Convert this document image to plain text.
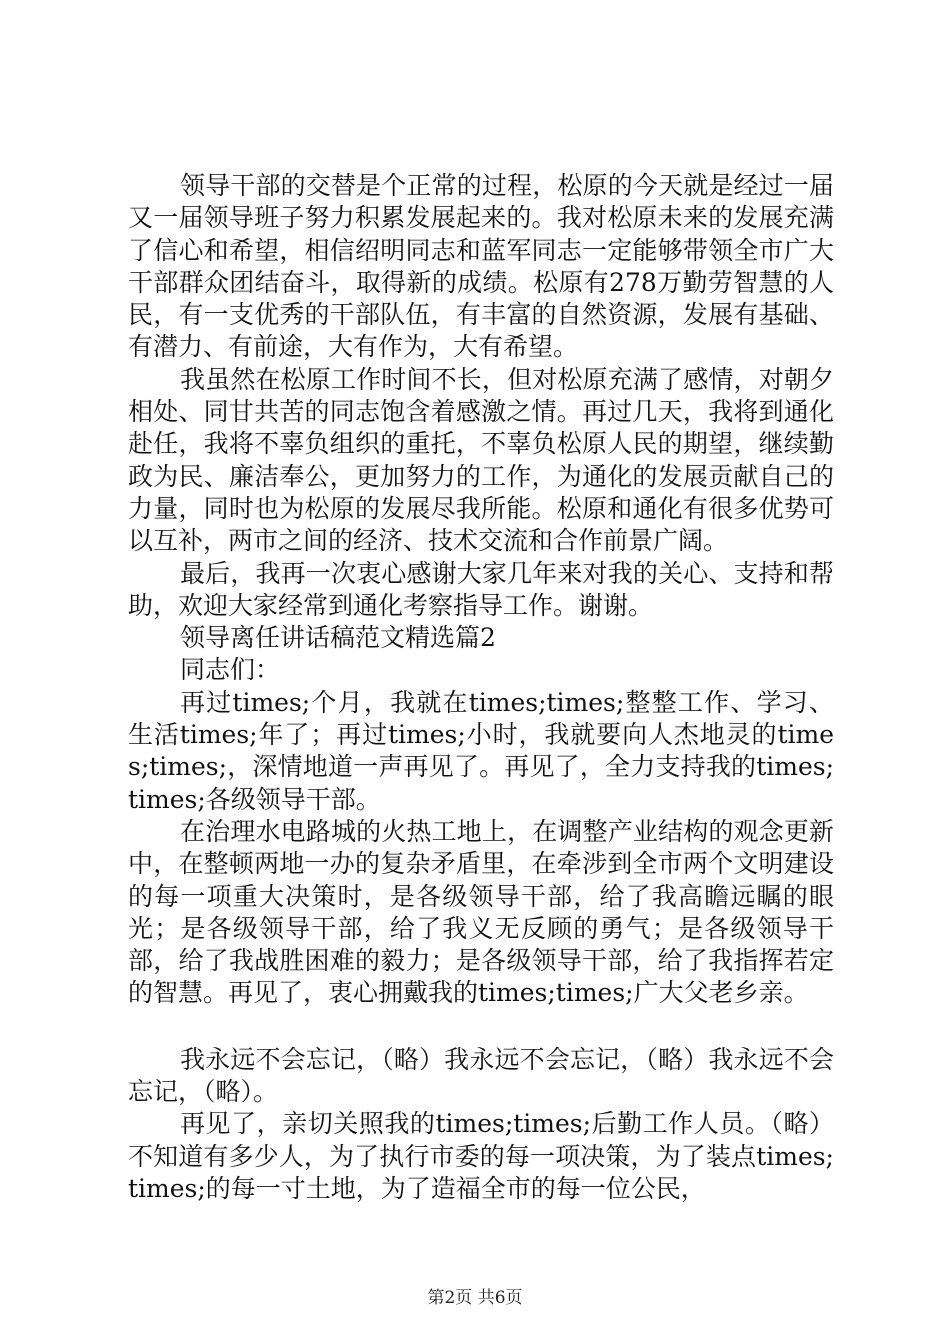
领导干部的交替是个正常的过程，松原的今天就是经过一届又一届领导班子努力积累发展起来的。我对松原未来的发展充满了信心和希望，相信绍明同志和蓝军同志一定能够带领全市广大干部群众团结奋斗，取得新的成绩。松原有278万勤劳智慧的人民，有一支优秀的干部队伍，有丰富的自然资源，发展有基础、有潜力、有前途，大有作为，大有希望。

我虽然在松原工作时间不长，但对松原充满了感情，对朝夕相处、同甘共苦的同志饱含着感激之情。再过几天，我将到通化赴任，我将不辜负组织的重托，不辜负松原人民的期望，继续勤政为民、廉洁奉公，更加努力的工作，为通化的发展贡献自己的力量，同时也为松原的发展尽我所能。松原和通化有很多优势可以互补，两市之间的经济、技术交流和合作前景广阔。

最后，我再一次衷心感谢大家几年来对我的关心、支持和帮助，欢迎大家经常到通化考察指导工作。谢谢。

领导离任讲话稿范文精选篇2

同志们：

再过times;个月，我就在times;times;整整工作、学习、生活times;年了；再过times;小时，我就要向人杰地灵的times;times;，深情地道一声再见了。再见了，全力支持我的times;times;各级领导干部。

在治理水电路城的火热工地上，在调整产业结构的观念更新中，在整顿两地一办的复杂矛盾里，在牵涉到全市两个文明建设的每一项重大决策时，是各级领导干部，给了我高瞻远瞩的眼光；是各级领导干部，给了我义无反顾的勇气；是各级领导干部，给了我战胜困难的毅力；是各级领导干部，给了我指挥若定的智慧。再见了，衷心拥戴我的times;times;广大父老乡亲。

我永远不会忘记，（略）我永远不会忘记，（略）我永远不会忘记，（略）。

再见了，亲切关照我的times;times;后勤工作人员。（略）不知道有多少人，为了执行市委的每一项决策，为了装点times;times;的每一寸土地，为了造福全市的每一位公民，

第2页 共6页
